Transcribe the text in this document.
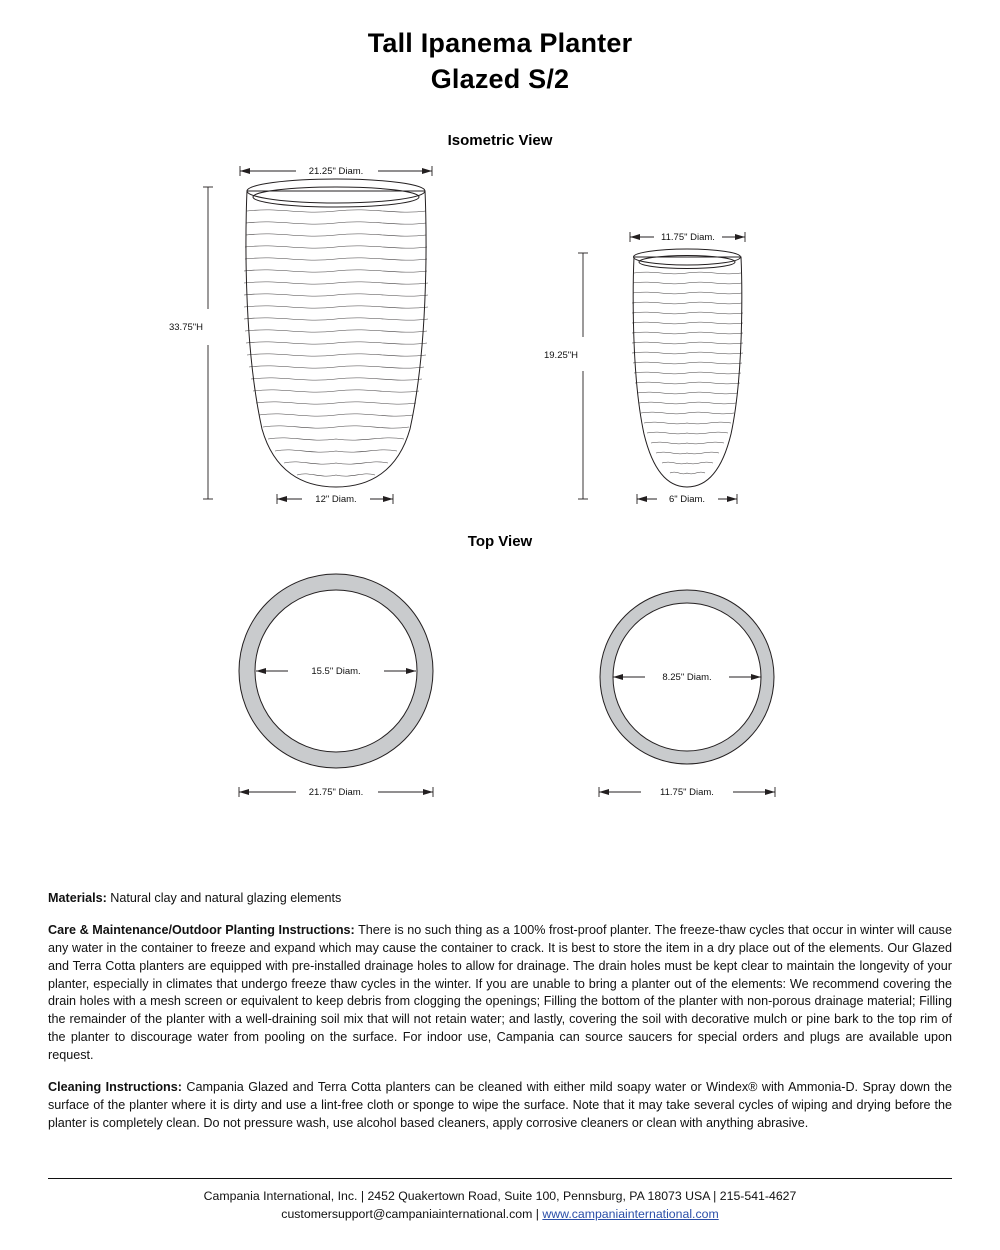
Tall Ipanema Planter
Glazed S/2
Isometric View
21.25" Diam.
33.75"H
12" Diam.
11.75" Diam.
19.25"H
6" Diam.
Top View
15.5" Diam.
21.75" Diam.
8.25" Diam.
11.75" Diam.

Materials: Natural clay and natural glazing elements

Care & Maintenance/Outdoor Planting Instructions: There is no such thing as a 100% frost-proof planter. The freeze-thaw cycles that occur in winter will cause any water in the container to freeze and expand which may cause the container to crack. It is best to store the item in a dry place out of the elements. Our Glazed and Terra Cotta planters are equipped with pre-installed drainage holes to allow for drainage. The drain holes must be kept clear to maintain the longevity of your planter, especially in climates that undergo freeze thaw cycles in the winter. If you are unable to bring a planter out of the elements: We recommend covering the drain holes with a mesh screen or equivalent to keep debris from clogging the openings; Filling the bottom of the planter with non-porous drainage material; Filling the remainder of the planter with a well-draining soil mix that will not retain water; and lastly, covering the soil with decorative mulch or pine bark to the top rim of the planter to discourage water from pooling on the surface. For indoor use, Campania can source saucers for special orders and plugs are available upon request.

Cleaning Instructions: Campania Glazed and Terra Cotta planters can be cleaned with either mild soapy water or Windex® with Ammonia-D. Spray down the surface of the planter where it is dirty and use a lint-free cloth or sponge to wipe the surface. Note that it may take several cycles of wiping and drying before the planter is completely clean. Do not pressure wash, use alcohol based cleaners, apply corrosive cleaners or clean with anything abrasive.

Campania International, Inc. | 2452 Quakertown Road, Suite 100, Pennsburg, PA 18073 USA | 215-541-4627
customersupport@campaniainternational.com | www.campaniainternational.com
